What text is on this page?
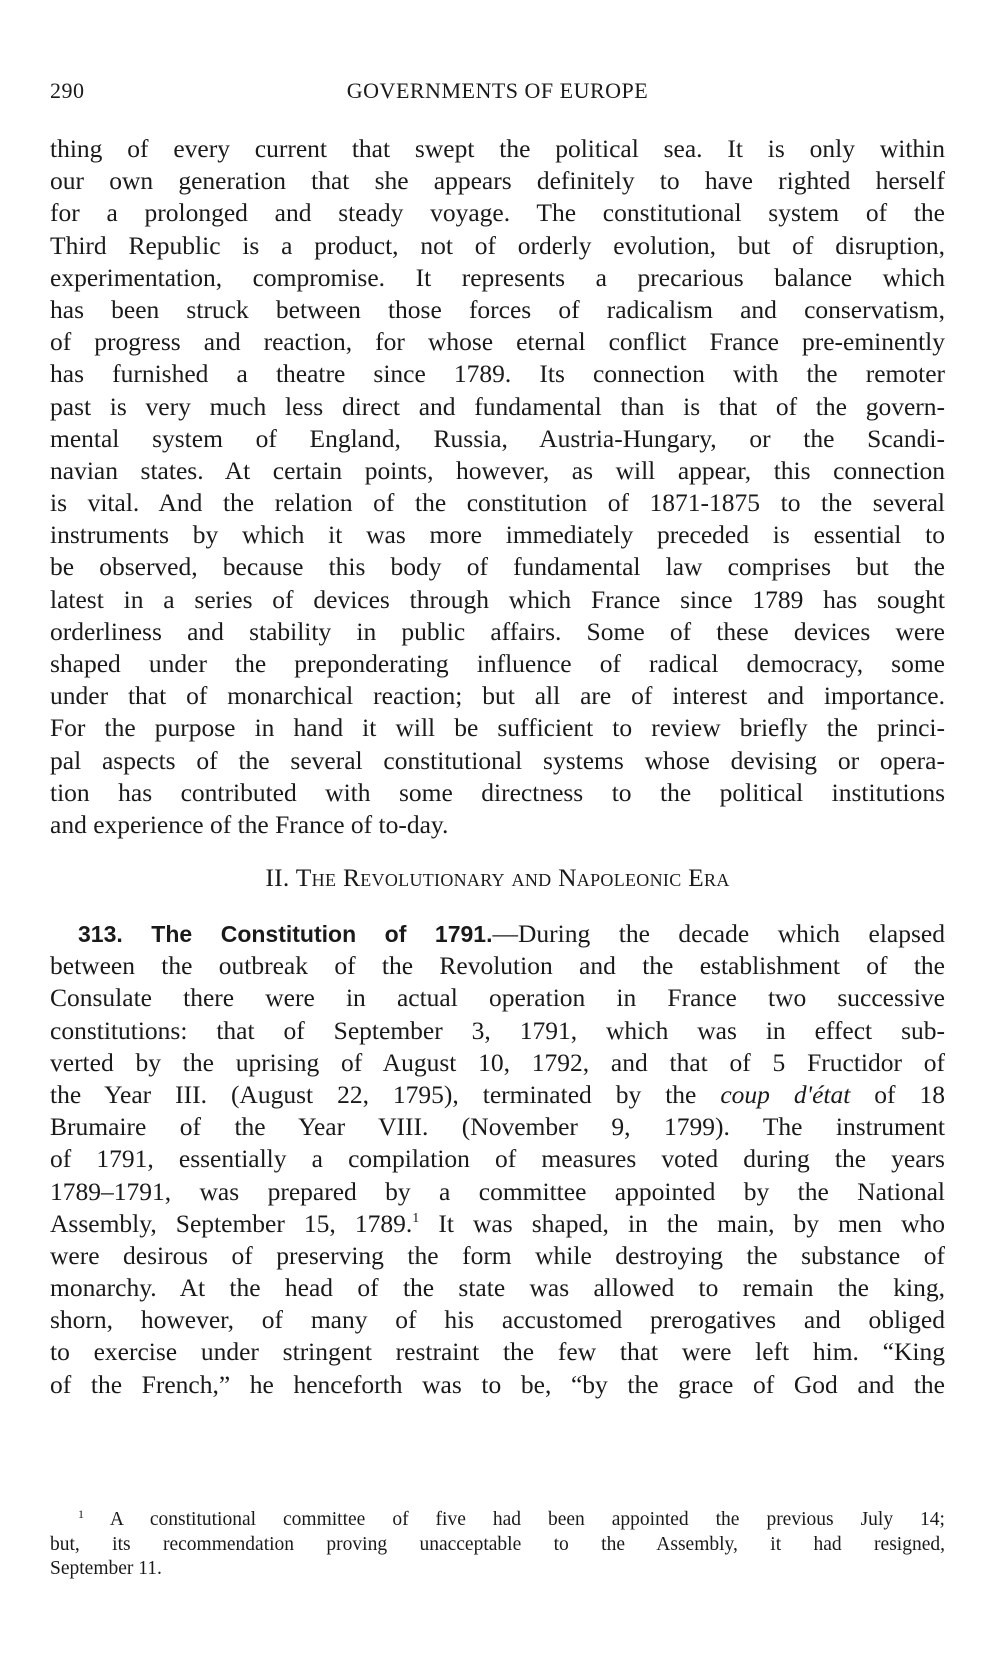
290	GOVERNMENTS OF EUROPE
thing of every current that swept the political sea. It is only within
our own generation that she appears definitely to have righted herself
for a prolonged and steady voyage. The constitutional system of the
Third Republic is a product, not of orderly evolution, but of disruption,
experimentation, compromise. It represents a precarious balance which
has been struck between those forces of radicalism and conservatism,
of progress and reaction, for whose eternal conflict France pre-eminently
has furnished a theatre since 1789. Its connection with the remoter
past is very much less direct and fundamental than is that of the govern-
mental system of England, Russia, Austria-Hungary, or the Scandi-
navian states. At certain points, however, as will appear, this connection
is vital. And the relation of the constitution of 1871-1875 to the several
instruments by which it was more immediately preceded is essential to
be observed, because this body of fundamental law comprises but the
latest in a series of devices through which France since 1789 has sought
orderliness and stability in public affairs. Some of these devices were
shaped under the preponderating influence of radical democracy, some
under that of monarchical reaction; but all are of interest and importance.
For the purpose in hand it will be sufficient to review briefly the princi-
pal aspects of the several constitutional systems whose devising or opera-
tion has contributed with some directness to the political institutions
and experience of the France of to-day.
II. The Revolutionary and Napoleonic Era
313. The Constitution of 1791.—During the decade which elapsed
between the outbreak of the Revolution and the establishment of the
Consulate there were in actual operation in France two successive
constitutions: that of September 3, 1791, which was in effect sub-
verted by the uprising of August 10, 1792, and that of 5 Fructidor of
the Year III. (August 22, 1795), terminated by the coup d'état of 18
Brumaire of the Year VIII. (November 9, 1799). The instrument
of 1791, essentially a compilation of measures voted during the years
1789–1791, was prepared by a committee appointed by the National
Assembly, September 15, 1789.$^1$ It was shaped, in the main, by men who
were desirous of preserving the form while destroying the substance of
monarchy. At the head of the state was allowed to remain the king,
shorn, however, of many of his accustomed prerogatives and obliged
to exercise under stringent restraint the few that were left him. “King
of the French,” he henceforth was to be, “by the grace of God and the
$^1$ A constitutional committee of five had been appointed the previous July 14;
but, its recommendation proving unacceptable to the Assembly, it had resigned,
September 11.
